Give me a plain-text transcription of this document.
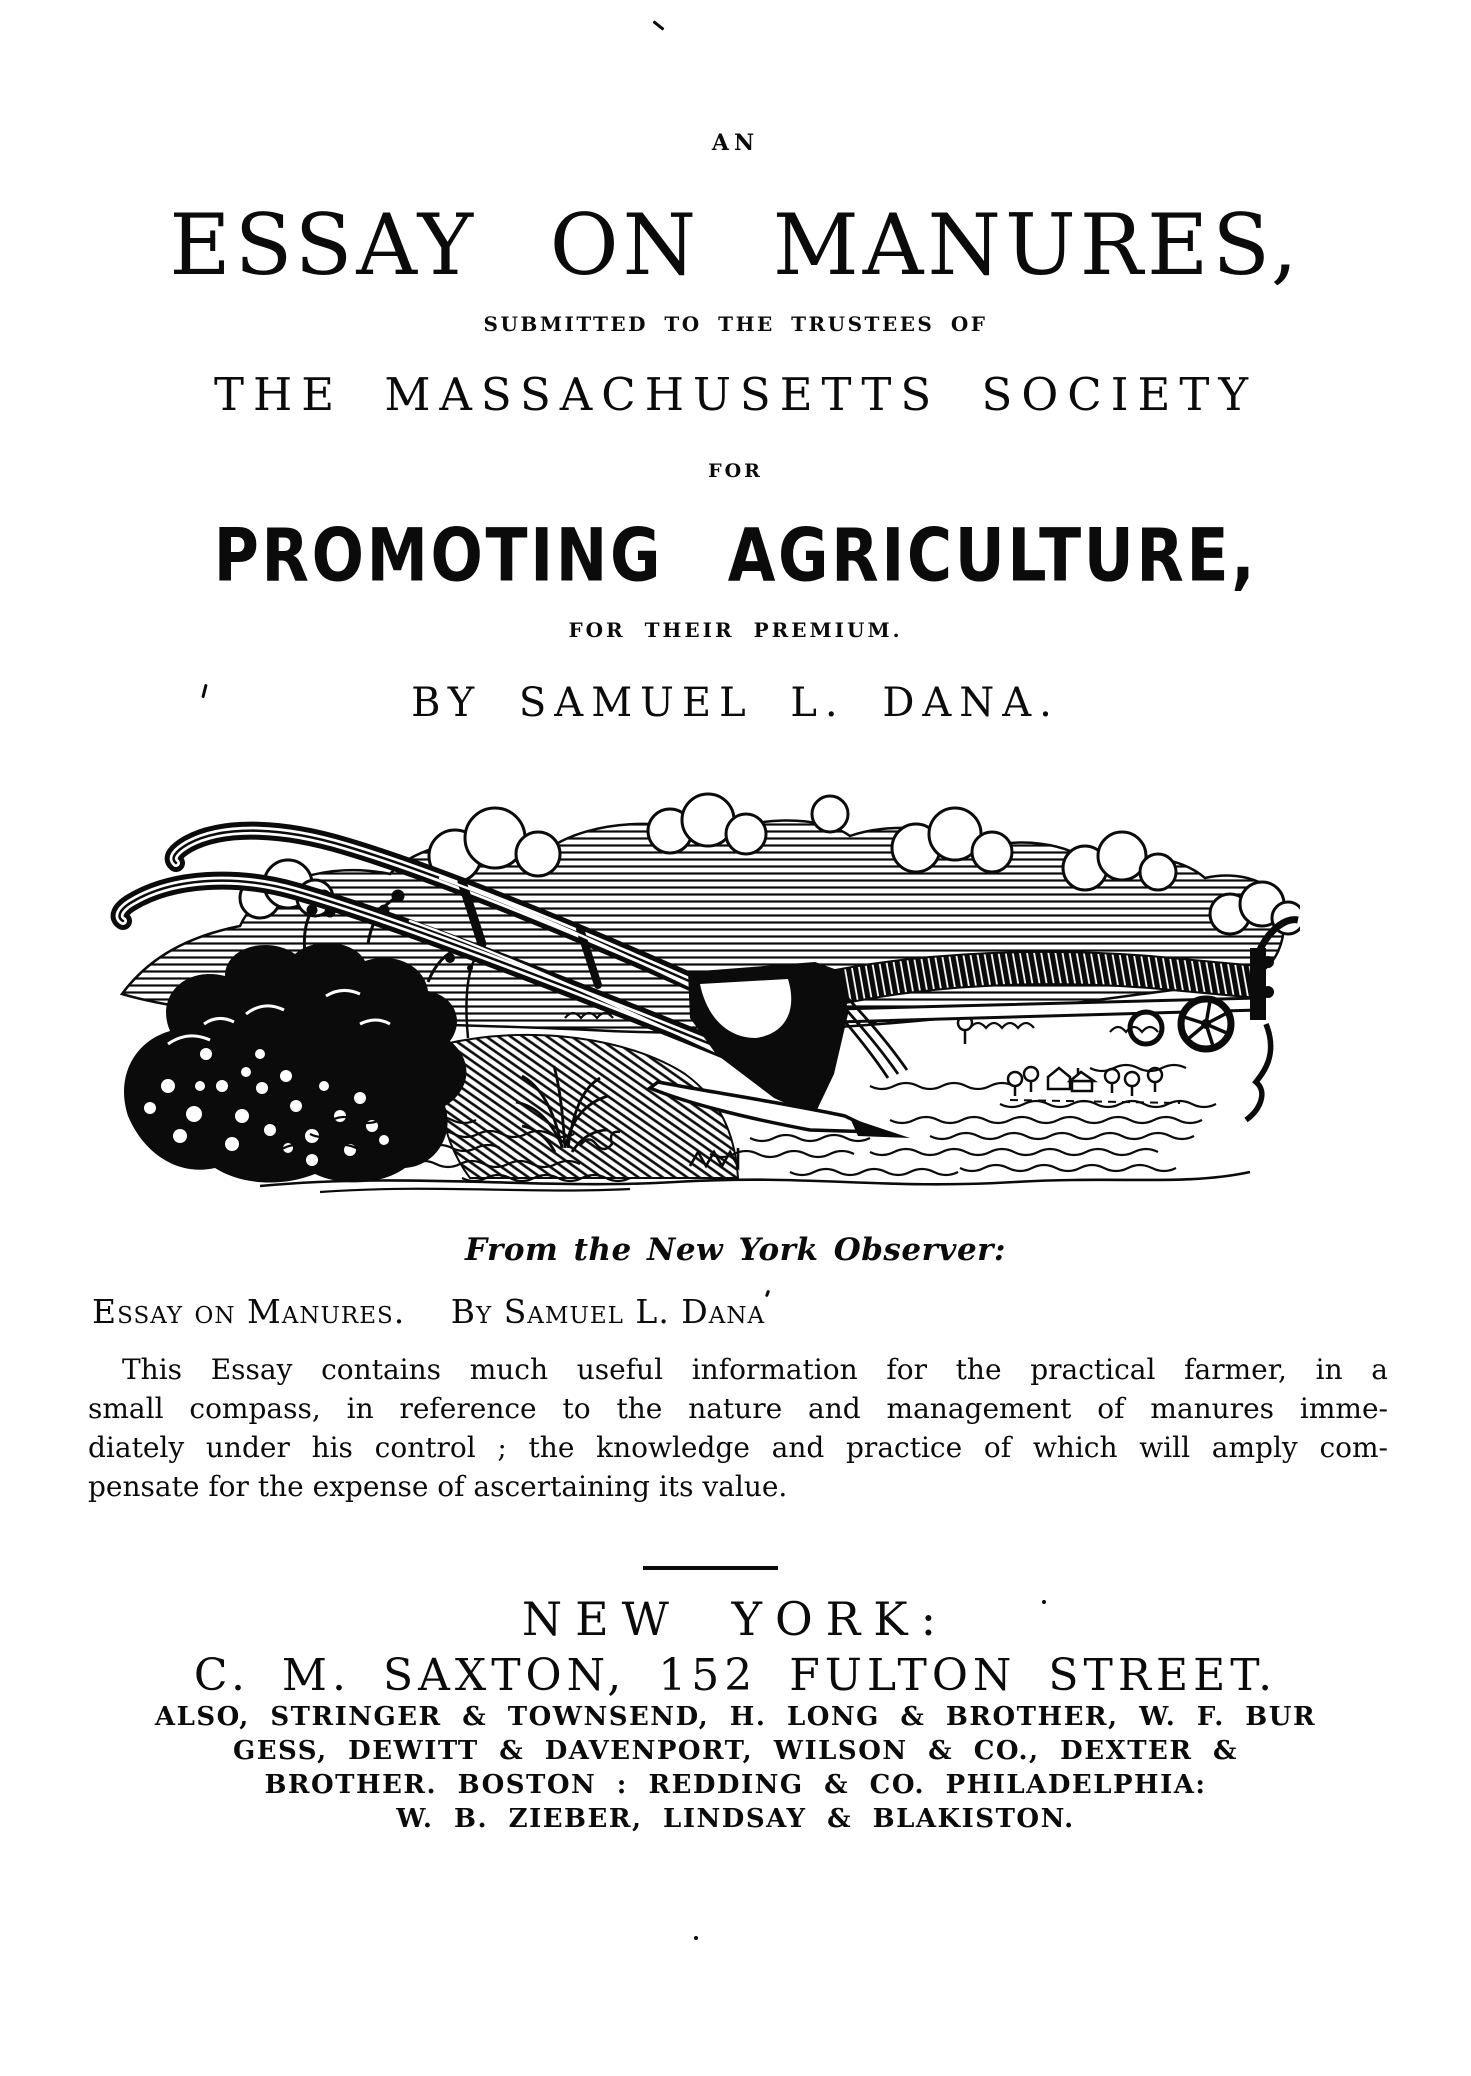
AN
ESSAY ON MANURES,
SUBMITTED TO THE TRUSTEES OF
THE MASSACHUSETTS SOCIETY
FOR
PROMOTING AGRICULTURE,
FOR THEIR PREMIUM.
BY SAMUEL L. DANA.
From the New York Observer:
Essay on Manures. By Samuel L. Dana
This Essay contains much useful information for the practical farmer, in a
small compass, in reference to the nature and management of manures imme-
diately under his control ; the knowledge and practice of which will amply com-
pensate for the expense of ascertaining its value.
NEW YORK:
C. M. SAXTON, 152 FULTON STREET.
ALSO, STRINGER & TOWNSEND, H. LONG & BROTHER, W. F. BUR
GESS, DEWITT & DAVENPORT, WILSON & CO., DEXTER &
BROTHER. BOSTON : REDDING & CO. PHILADELPHIA:
W. B. ZIEBER, LINDSAY & BLAKISTON.
